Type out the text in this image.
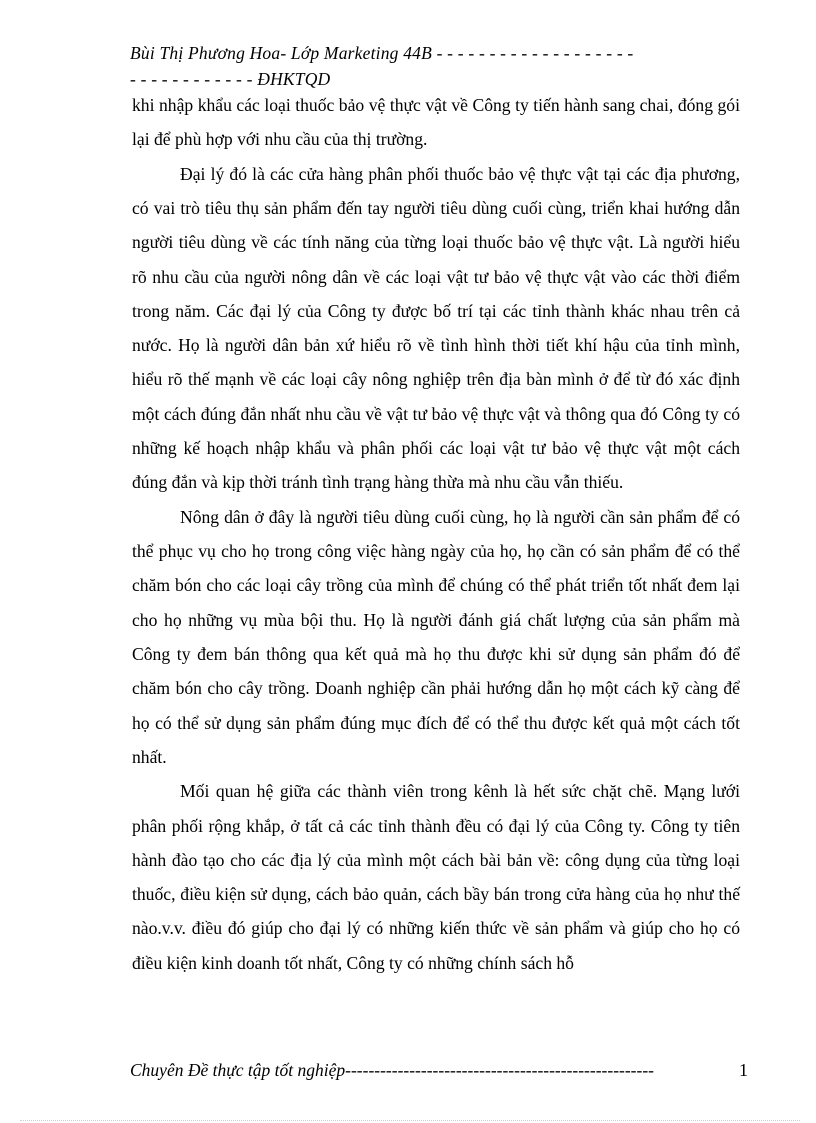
Bùi Thị Phương Hoa- Lớp Marketing 44B - - - - - - - - - - - - - - - - - - -
- - - - - - - - - - - - ĐHKTQD

khi nhập khẩu các loại thuốc bảo vệ thực vật về Công ty tiến hành sang chai, đóng gói lại để phù hợp với nhu cầu của thị trường.

Đại lý đó là các cửa hàng phân phối thuốc bảo vệ thực vật tại các địa phương, có vai trò tiêu thụ sản phẩm đến tay người tiêu dùng cuối cùng, triển khai hướng dẫn người tiêu dùng về các tính năng của từng loại thuốc bảo vệ thực vật. Là người hiểu rõ nhu cầu của người nông dân về các loại vật tư bảo vệ thực vật vào các thời điểm trong năm. Các đại lý của Công ty được bố trí tại các tỉnh thành khác nhau trên cả nước. Họ là người dân bản xứ hiểu rõ về tình hình thời tiết khí hậu của tỉnh mình, hiểu rõ thế mạnh về các loại cây nông nghiệp trên địa bàn mình ở để từ đó xác định một cách đúng đắn nhất nhu cầu về vật tư bảo vệ thực vật và thông qua đó Công ty có những kế hoạch nhập khẩu và phân phối các loại vật tư bảo vệ thực vật một cách đúng đắn và kịp thời tránh tình trạng hàng thừa mà nhu cầu vẫn thiếu.

Nông dân ở đây là người tiêu dùng cuối cùng, họ là người cần sản phẩm để có thể phục vụ cho họ trong công việc hàng ngày của họ, họ cần có sản phẩm để có thể chăm bón cho các loại cây trồng của mình để chúng có thể phát triển tốt nhất đem lại cho họ những vụ mùa bội thu. Họ là người đánh giá chất lượng của sản phẩm mà Công ty đem bán thông qua kết quả mà họ thu được khi sử dụng sản phẩm đó để chăm bón cho cây trồng. Doanh nghiệp cần phải hướng dẫn họ một cách kỹ càng để họ có thể sử dụng sản phẩm đúng mục đích để có thể thu được kết quả một cách tốt nhất.

Mối quan hệ giữa các thành viên trong kênh là hết sức chặt chẽ. Mạng lưới phân phối rộng khắp, ở tất cả các tỉnh thành đều có đại lý của Công ty. Công ty tiên hành đào tạo cho các địa lý của mình một cách bài bản về: công dụng của từng loại thuốc, điều kiện sử dụng, cách bảo quản, cách bầy bán trong cửa hàng của họ như thế nào.v.v. điều đó giúp cho đại lý có những kiến thức về sản phẩm và giúp cho họ có điều kiện kinh doanh tốt nhất, Công ty có những chính sách hỗ

Chuyên Đề thực tập tốt nghiệp-----------------------------------------------------	1
